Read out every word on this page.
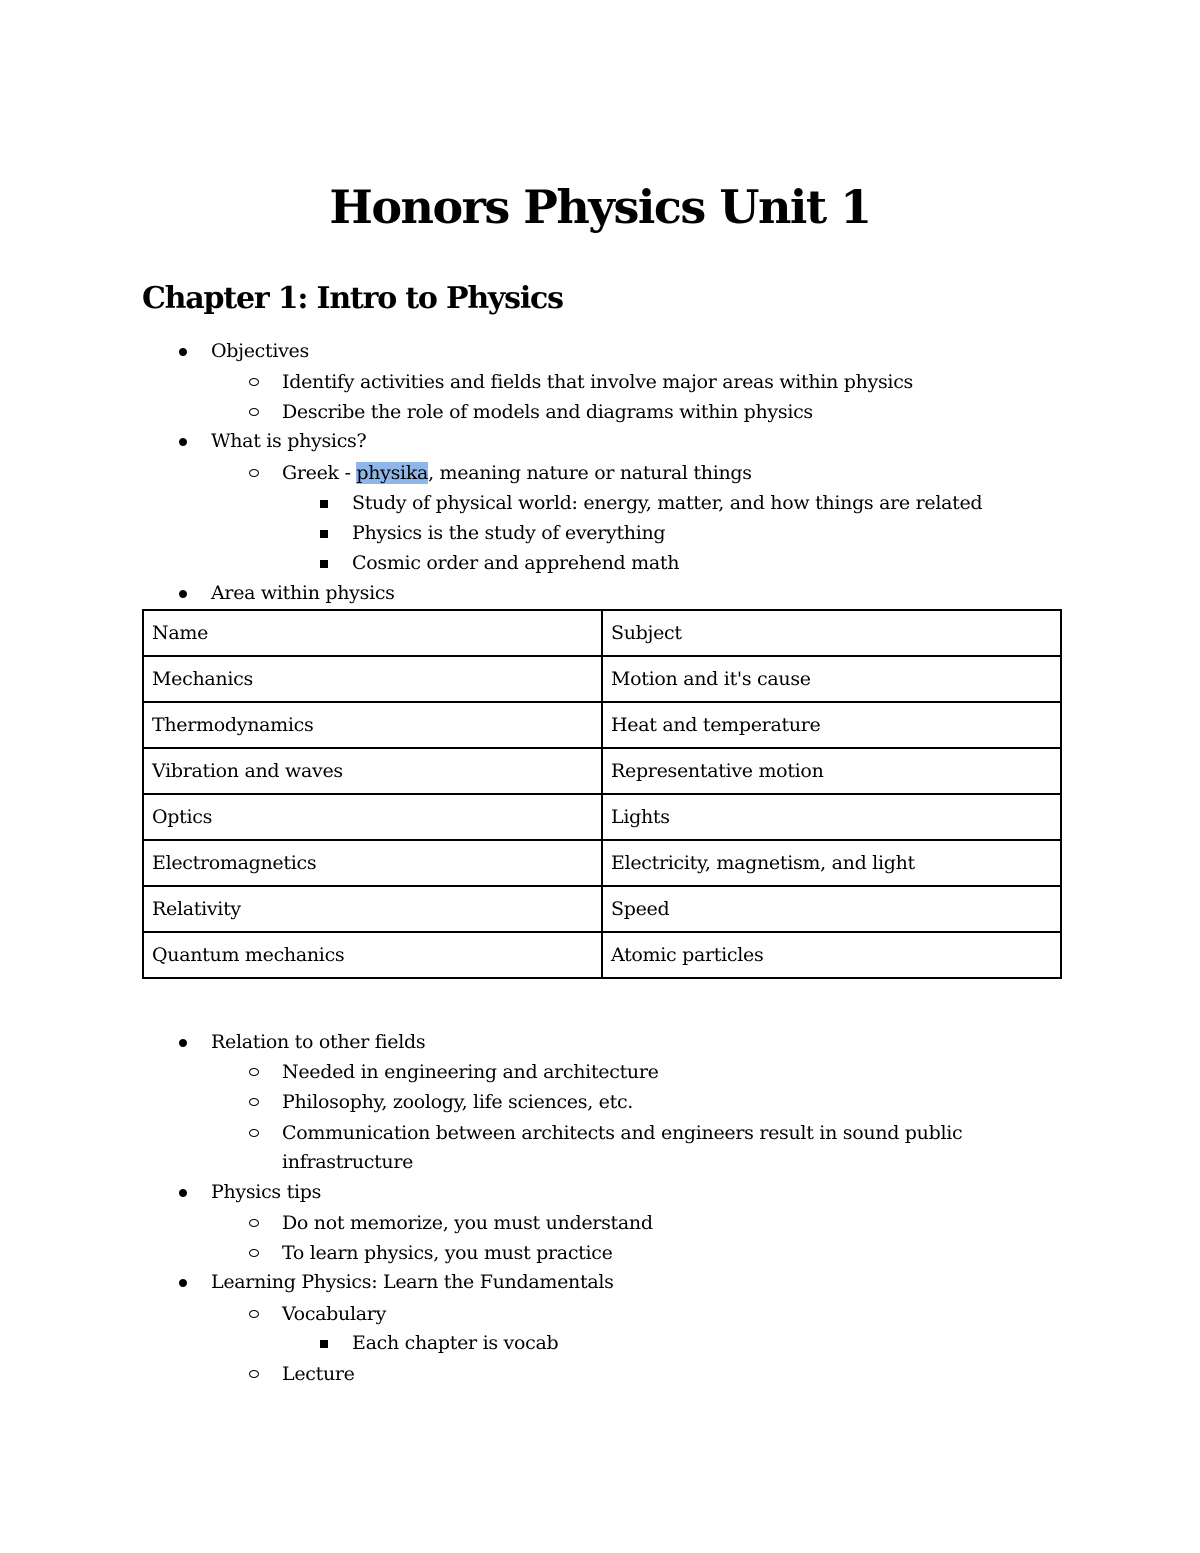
Honors Physics Unit 1
Chapter 1: Intro to Physics
Objectives
Identify activities and fields that involve major areas within physics
Describe the role of models and diagrams within physics
What is physics?
Greek - physika, meaning nature or natural things
Study of physical world: energy, matter, and how things are related
Physics is the study of everything
Cosmic order and apprehend math
Area within physics
Name	Subject
Mechanics	Motion and it's cause
Thermodynamics	Heat and temperature
Vibration and waves	Representative motion
Optics	Lights
Electromagnetics	Electricity, magnetism, and light
Relativity	Speed
Quantum mechanics	Atomic particles
Relation to other fields
Needed in engineering and architecture
Philosophy, zoology, life sciences, etc.
Communication between architects and engineers result in sound public
infrastructure
Physics tips
Do not memorize, you must understand
To learn physics, you must practice
Learning Physics: Learn the Fundamentals
Vocabulary
Each chapter is vocab
Lecture
